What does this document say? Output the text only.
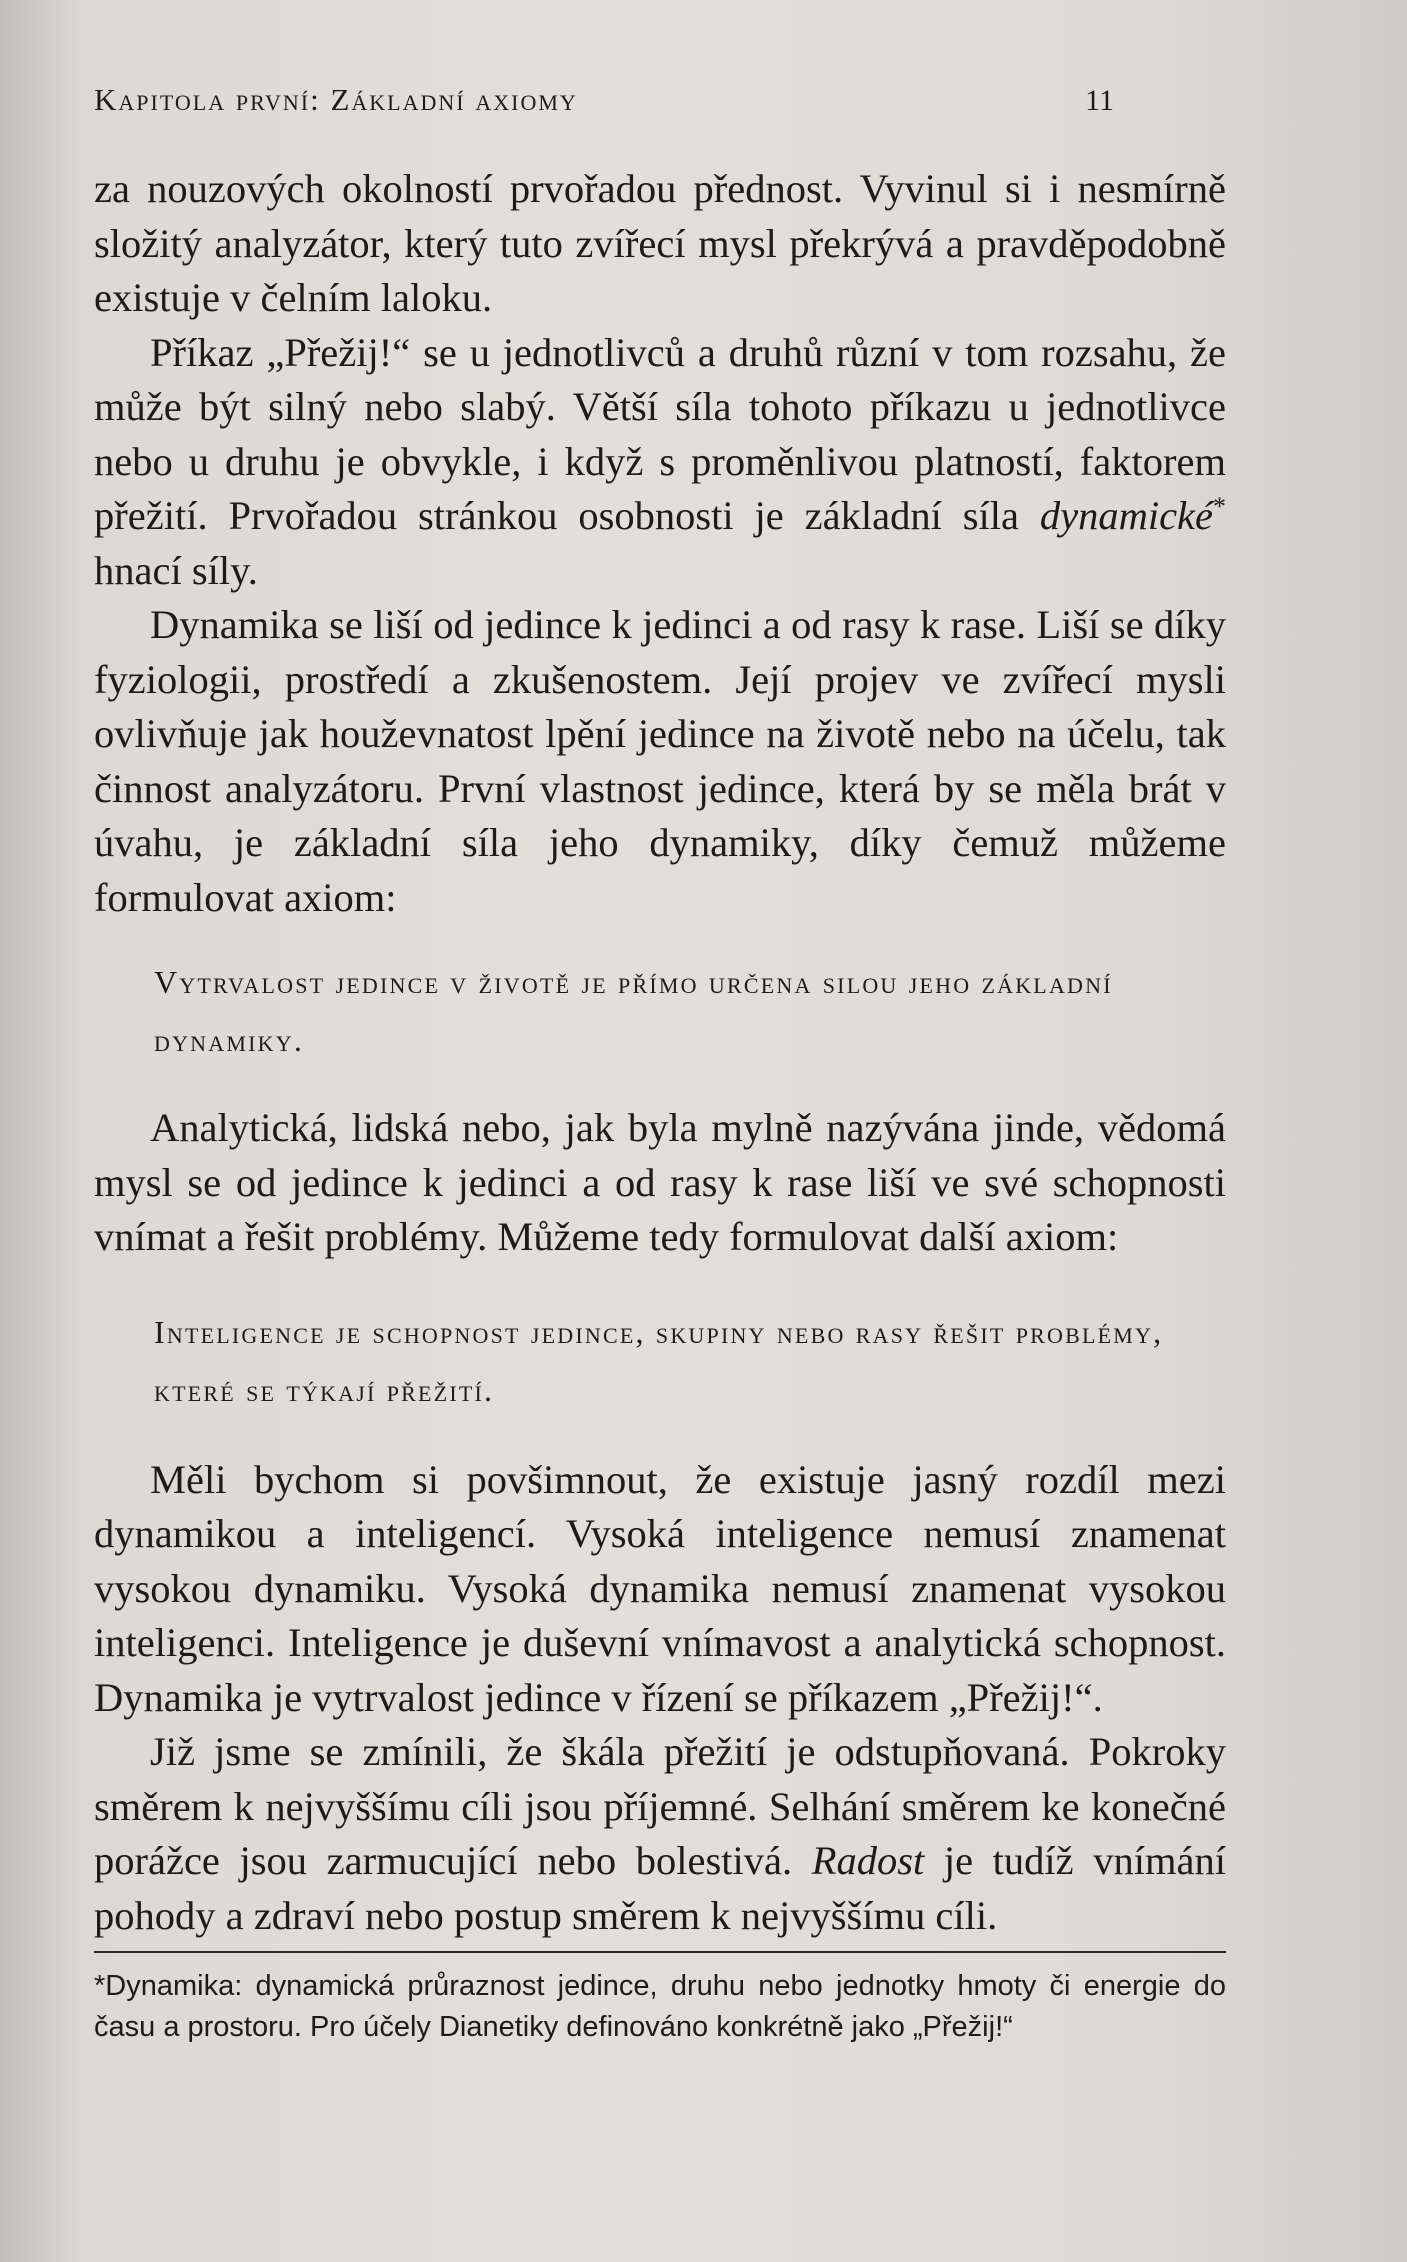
Kapitola první: Základní axiomy	11

za nouzových okolností prvořadou přednost. Vyvinul si i nesmírně složitý analyzátor, který tuto zvířecí mysl překrývá a pravděpodobně existuje v čelním laloku.

Příkaz „Přežij!“ se u jednotlivců a druhů různí v tom rozsahu, že může být silný nebo slabý. Větší síla tohoto příkazu u jednotlivce nebo u druhu je obvykle, i když s proměnlivou platností, faktorem přežití. Prvořadou stránkou osobnosti je základní síla dynamické* hnací síly.

Dynamika se liší od jedince k jedinci a od rasy k rase. Liší se díky fyziologii, prostředí a zkušenostem. Její projev ve zvířecí mysli ovlivňuje jak houževnatost lpění jedince na životě nebo na účelu, tak činnost analyzátoru. První vlastnost jedince, která by se měla brát v úvahu, je základní síla jeho dynamiky, díky čemuž můžeme formulovat axiom:

Vytrvalost jedince v životě je přímo určena silou jeho základní dynamiky.

Analytická, lidská nebo, jak byla mylně nazývána jinde, vědomá mysl se od jedince k jedinci a od rasy k rase liší ve své schopnosti vnímat a řešit problémy. Můžeme tedy formulovat další axiom:

Inteligence je schopnost jedince, skupiny nebo rasy řešit problémy, které se týkají přežití.

Měli bychom si povšimnout, že existuje jasný rozdíl mezi dynamikou a inteligencí. Vysoká inteligence nemusí znamenat vysokou dynamiku. Vysoká dynamika nemusí znamenat vysokou inteligenci. Inteligence je duševní vnímavost a analytická schopnost. Dynamika je vytrvalost jedince v řízení se příkazem „Přežij!“.

Již jsme se zmínili, že škála přežití je odstupňovaná. Pokroky směrem k nejvyššímu cíli jsou příjemné. Selhání směrem ke konečné porážce jsou zarmucující nebo bolestivá. Radost je tudíž vnímání pohody a zdraví nebo postup směrem k nejvyššímu cíli.

*Dynamika: dynamická průraznost jedince, druhu nebo jednotky hmoty či energie do času a prostoru. Pro účely Dianetiky definováno konkrétně jako „Přežij!“
